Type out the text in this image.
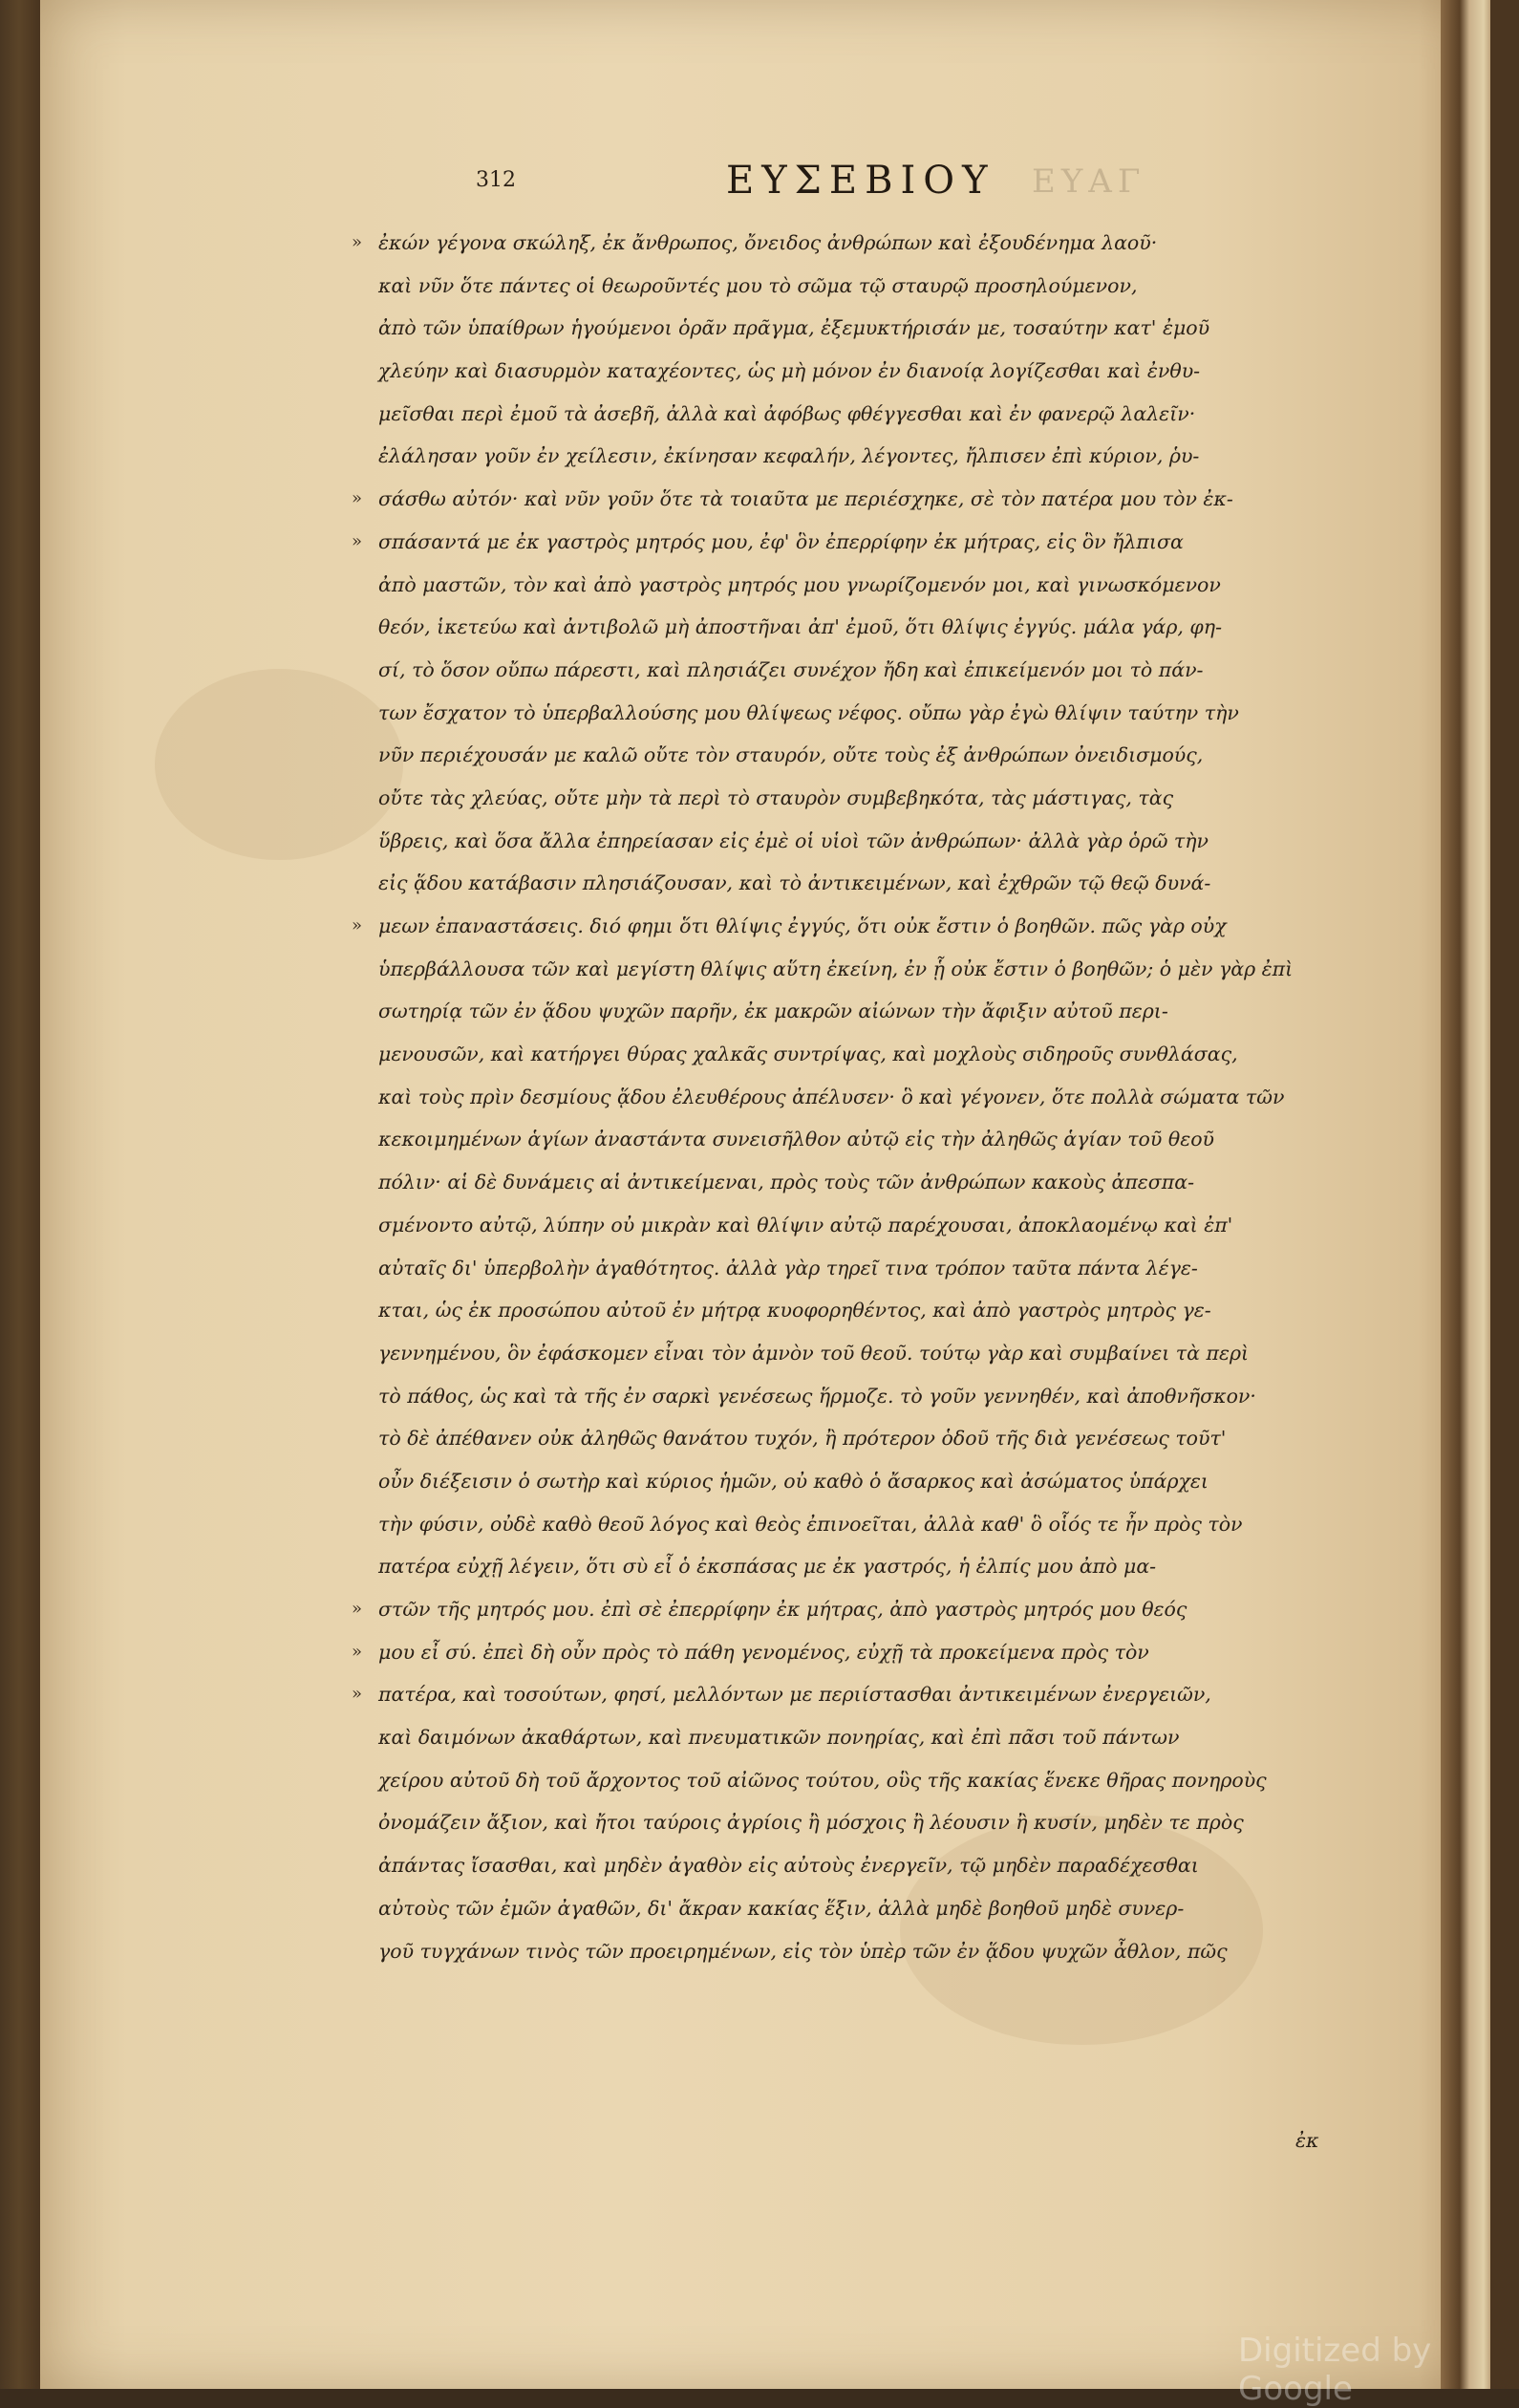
312	ΕΥΣΕΒΙΟΥ ΕΥΑΓ
» ἐκών γέγονα σκώληξ, ἐκ ἄνθρωπος, ὄνειδος ἀνθρώπων καὶ ἐξουδένημα λαοῦ·
καὶ νῦν ὅτε πάντες οἱ θεωροῦντές μου τὸ σῶμα τῷ σταυρῷ προσηλούμενον,
ἀπὸ τῶν ὑπαίθρων ἡγούμενοι ὁρᾶν πρᾶγμα, ἐξεμυκτήρισάν με, τοσαύτην κατ' ἐμοῦ
χλεύην καὶ διασυρμὸν καταχέοντες, ὡς μὴ μόνον ἐν διανοίᾳ λογίζεσθαι καὶ ἐνθυ-
μεῖσθαι περὶ ἐμοῦ τὰ ἀσεβῆ, ἀλλὰ καὶ ἀφόβως φθέγγεσθαι καὶ ἐν φανερῷ λαλεῖν·
ἐλάλησαν γοῦν ἐν χείλεσιν, ἐκίνησαν κεφαλήν, λέγοντες, ἤλπισεν ἐπὶ κύριον, ῥυ-
» σάσθω αὐτόν· καὶ νῦν γοῦν ὅτε τὰ τοιαῦτα με περιέσχηκε, σὲ τὸν πατέρα μου τὸν ἐκ-
» σπάσαντά με ἐκ γαστρὸς μητρός μου, ἐφ' ὃν ἐπερρίφην ἐκ μήτρας, εἰς ὃν ἤλπισα
ἀπὸ μαστῶν, τὸν καὶ ἀπὸ γαστρὸς μητρός μου γνωρίζομενόν μοι, καὶ γινωσκόμενον
θεόν, ἱκετεύω καὶ ἀντιβολῶ μὴ ἀποστῆναι ἀπ' ἐμοῦ, ὅτι θλίψις ἐγγύς. μάλα γάρ, φη-
σί, τὸ ὅσον οὔπω πάρεστι, καὶ πλησιάζει συνέχον ἤδη καὶ ἐπικείμενόν μοι τὸ πάν-
των ἔσχατον τὸ ὑπερβαλλούσης μου θλίψεως νέφος. οὔπω γὰρ ἐγὼ θλίψιν ταύτην τὴν
νῦν περιέχουσάν με καλῶ οὔτε τὸν σταυρόν, οὔτε τοὺς ἐξ ἀνθρώπων ὀνειδισμούς,
οὔτε τὰς χλεύας, οὔτε μὴν τὰ περὶ τὸ σταυρὸν συμβεβηκότα, τὰς μάστιγας, τὰς
ὕβρεις, καὶ ὅσα ἄλλα ἐπηρείασαν εἰς ἐμὲ οἱ υἱοὶ τῶν ἀνθρώπων· ἀλλὰ γὰρ ὁρῶ τὴν
εἰς ᾅδου κατάβασιν πλησιάζουσαν, καὶ τὸ ἀντικειμένων, καὶ ἐχθρῶν τῷ θεῷ δυνά-
» μεων ἐπαναστάσεις. διό φημι ὅτι θλίψις ἐγγύς, ὅτι οὐκ ἔστιν ὁ βοηθῶν. πῶς γὰρ οὐχ
ὑπερβάλλουσα τῶν καὶ μεγίστη θλίψις αὕτη ἐκείνη, ἐν ᾗ οὐκ ἔστιν ὁ βοηθῶν; ὁ μὲν γὰρ ἐπὶ
σωτηρίᾳ τῶν ἐν ᾅδου ψυχῶν παρῆν, ἐκ μακρῶν αἰώνων τὴν ἄφιξιν αὐτοῦ περι-
μενουσῶν, καὶ κατήργει θύρας χαλκᾶς συντρίψας, καὶ μοχλοὺς σιδηροῦς συνθλάσας,
καὶ τοὺς πρὶν δεσμίους ᾅδου ἐλευθέρους ἀπέλυσεν· ὃ καὶ γέγονεν, ὅτε πολλὰ σώματα τῶν
κεκοιμημένων ἁγίων ἀναστάντα συνεισῆλθον αὐτῷ εἰς τὴν ἀληθῶς ἁγίαν τοῦ θεοῦ
πόλιν· αἱ δὲ δυνάμεις αἱ ἀντικείμεναι, πρὸς τοὺς τῶν ἀνθρώπων κακοὺς ἀπεσπα-
σμένοντο αὐτῷ, λύπην οὐ μικρὰν καὶ θλίψιν αὐτῷ παρέχουσαι, ἀποκλαομένῳ καὶ ἐπ'
αὐταῖς δι' ὑπερβολὴν ἀγαθότητος. ἀλλὰ γὰρ τηρεῖ τινα τρόπον ταῦτα πάντα λέγε-
κται, ὡς ἐκ προσώπου αὐτοῦ ἐν μήτρᾳ κυοφορηθέντος, καὶ ἀπὸ γαστρὸς μητρὸς γε-
γεννημένου, ὃν ἐφάσκομεν εἶναι τὸν ἀμνὸν τοῦ θεοῦ. τούτῳ γὰρ καὶ συμβαίνει τὰ περὶ
τὸ πάθος, ὡς καὶ τὰ τῆς ἐν σαρκὶ γενέσεως ἥρμοζε. τὸ γοῦν γεννηθέν, καὶ ἀποθνῆσκον·
τὸ δὲ ἀπέθανεν οὐκ ἀληθῶς θανάτου τυχόν, ἢ πρότερον ὁδοῦ τῆς διὰ γενέσεως τοῦτ'
οὖν διέξεισιν ὁ σωτὴρ καὶ κύριος ἡμῶν, οὐ καθὸ ὁ ἄσαρκος καὶ ἀσώματος ὑπάρχει
τὴν φύσιν, οὐδὲ καθὸ θεοῦ λόγος καὶ θεὸς ἐπινοεῖται, ἀλλὰ καθ' ὃ οἷός τε ἦν πρὸς τὸν
πατέρα εὐχῇ λέγειν, ὅτι σὺ εἶ ὁ ἐκσπάσας με ἐκ γαστρός, ἡ ἐλπίς μου ἀπὸ μα-
» στῶν τῆς μητρός μου. ἐπὶ σὲ ἐπερρίφην ἐκ μήτρας, ἀπὸ γαστρὸς μητρός μου θεός
» μου εἶ σύ. ἐπεὶ δὴ οὖν πρὸς τὸ πάθη γενομένος, εὐχῇ τὰ προκείμενα πρὸς τὸν
» πατέρα, καὶ τοσούτων, φησί, μελλόντων με περιίστασθαι ἀντικειμένων ἐνεργειῶν,
καὶ δαιμόνων ἀκαθάρτων, καὶ πνευματικῶν πονηρίας, καὶ ἐπὶ πᾶσι τοῦ πάντων
χείρου αὐτοῦ δὴ τοῦ ἄρχοντος τοῦ αἰῶνος τούτου, οὓς τῆς κακίας ἕνεκε θῆρας πονηροὺς
ὀνομάζειν ἄξιον, καὶ ἤτοι ταύροις ἀγρίοις ἢ μόσχοις ἢ λέουσιν ἢ κυσίν, μηδὲν τε πρὸς
ἀπάντας ἴσασθαι, καὶ μηδὲν ἀγαθὸν εἰς αὐτοὺς ἐνεργεῖν, τῷ μηδὲν παραδέχεσθαι
αὐτοὺς τῶν ἐμῶν ἀγαθῶν, δι' ἄκραν κακίας ἕξιν, ἀλλὰ μηδὲ βοηθοῦ μηδὲ συνερ-
γοῦ τυγχάνων τινὸς τῶν προειρημένων, εἰς τὸν ὑπὲρ τῶν ἐν ᾅδου ψυχῶν ἆθλον, πῶς
ἐκ
Digitized by Google
